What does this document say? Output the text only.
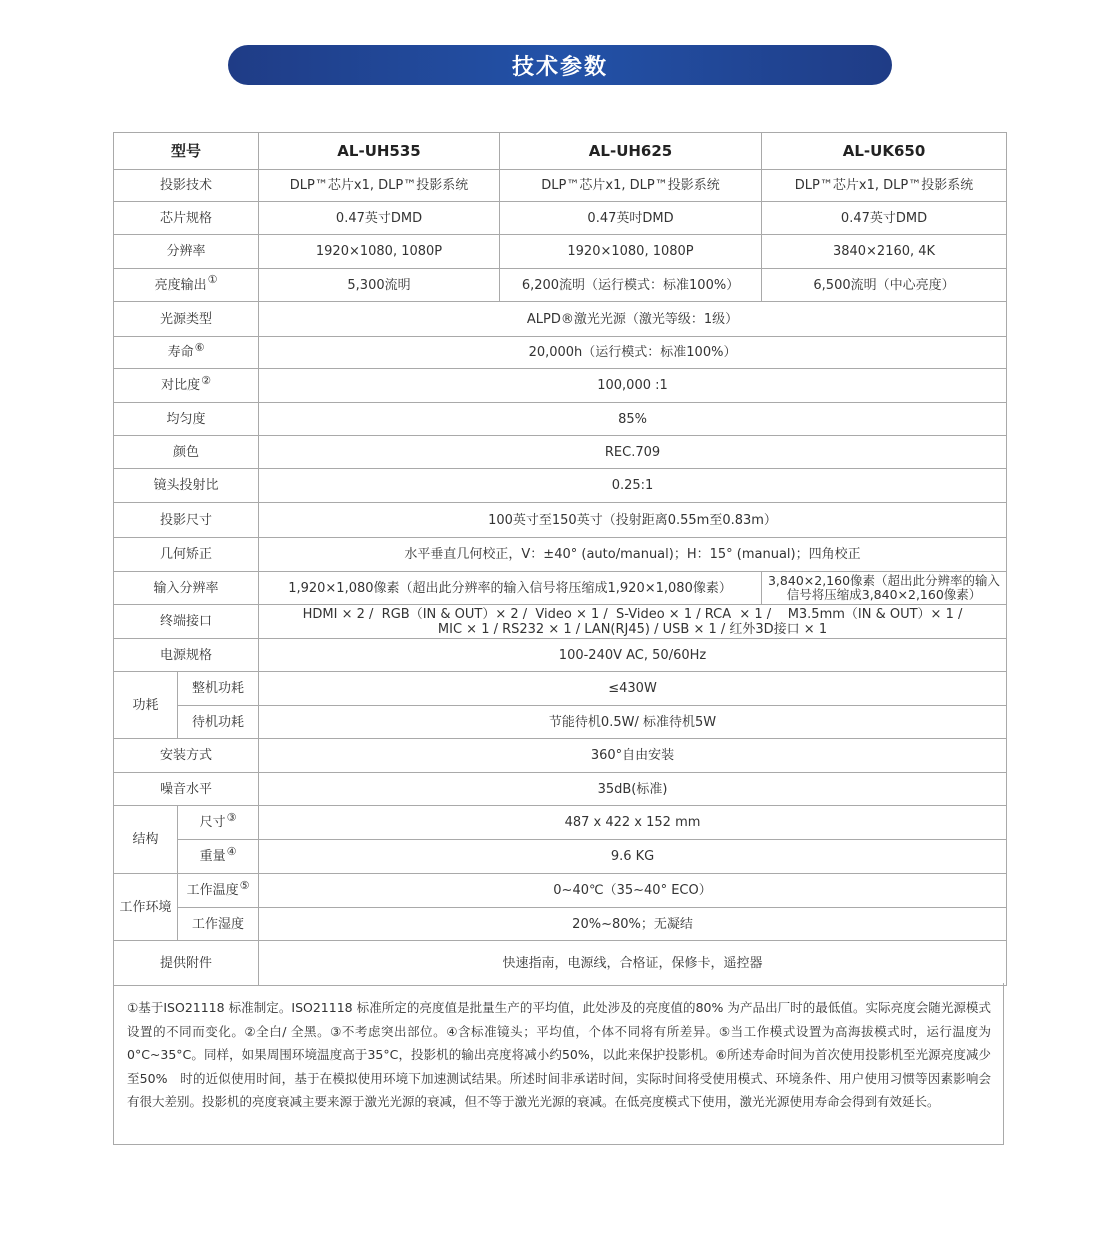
技术参数
型号		AL-UH535	AL-UH625	AL-UK650
投影技术		DLP™芯片x1, DLP™投影系统	DLP™芯片x1, DLP™投影系统	DLP™芯片x1, DLP™投影系统
芯片规格		0.47英寸DMD	0.47英吋DMD	0.47英寸DMD
分辨率		1920×1080, 1080P	1920×1080, 1080P	3840×2160, 4K
亮度输出①		5,300流明	6,200流明（运行模式：标准100%）	6,500流明（中心亮度）
光源类型		ALPD®激光光源（激光等级：1级）		
寿命⑥		20,000h（运行模式：标准100%）		
对比度②		100,000 :1		
均匀度		85%		
颜色		REC.709		
镜头投射比		0.25:1		
投影尺寸		100英寸至150英寸（投射距离0.55m至0.83m）		
几何矫正		水平垂直几何校正，V：±40° (auto/manual)；H：15° (manual)；四角校正		
输入分辨率		1,920×1,080像素（超出此分辨率的输入信号将压缩成1,920×1,080像素）		3,840×2,160像素（超出此分辨率的输入信号将压缩成3,840×2,160像素）
终端接口		HDMI × 2 /  RGB（IN & OUT）× 2 /  Video × 1 /  S-Video × 1 / RCA  × 1 /    M3.5mm（IN & OUT）× 1 /
MIC × 1 / RS232 × 1 / LAN(RJ45) / USB × 1 / 红外3D接口 × 1		
电源规格		100-240V AC, 50/60Hz		
功耗	整机功耗	≤430W		
	待机功耗	节能待机0.5W/ 标准待机5W		
安装方式		360°自由安装		
噪音水平		35dB(标准)		
结构	尺寸③	487 x 422 x 152 mm		
	重量④	9.6 KG		
工作环境	工作温度⑤	0~40℃（35~40° ECO）		
	工作湿度	20%~80%；无凝结		
提供附件		快速指南，电源线，合格证，保修卡，遥控器		
①基于ISO21118 标准制定。ISO21118 标准所定的亮度值是批量生产的平均值，此处涉及的亮度值的80% 为产品出厂时的最低值。实际亮度会随光源模式设置的不同而变化。②全白/ 全黑。③不考虑突出部位。④含标准镜头；平均值，个体不同将有所差异。⑤当工作模式设置为高海拔模式时，运行温度为0°C~35°C。同样，如果周围环境温度高于35°C，投影机的输出亮度将减小约50%，以此来保护投影机。⑥所述寿命时间为首次使用投影机至光源亮度减少至50%　时的近似使用时间，基于在模拟使用环境下加速测试结果。所述时间非承诺时间，实际时间将受使用模式、环境条件、用户使用习惯等因素影响会有很大差别。投影机的亮度衰减主要来源于激光光源的衰减，但不等于激光光源的衰减。在低亮度模式下使用，激光光源使用寿命会得到有效延长。
